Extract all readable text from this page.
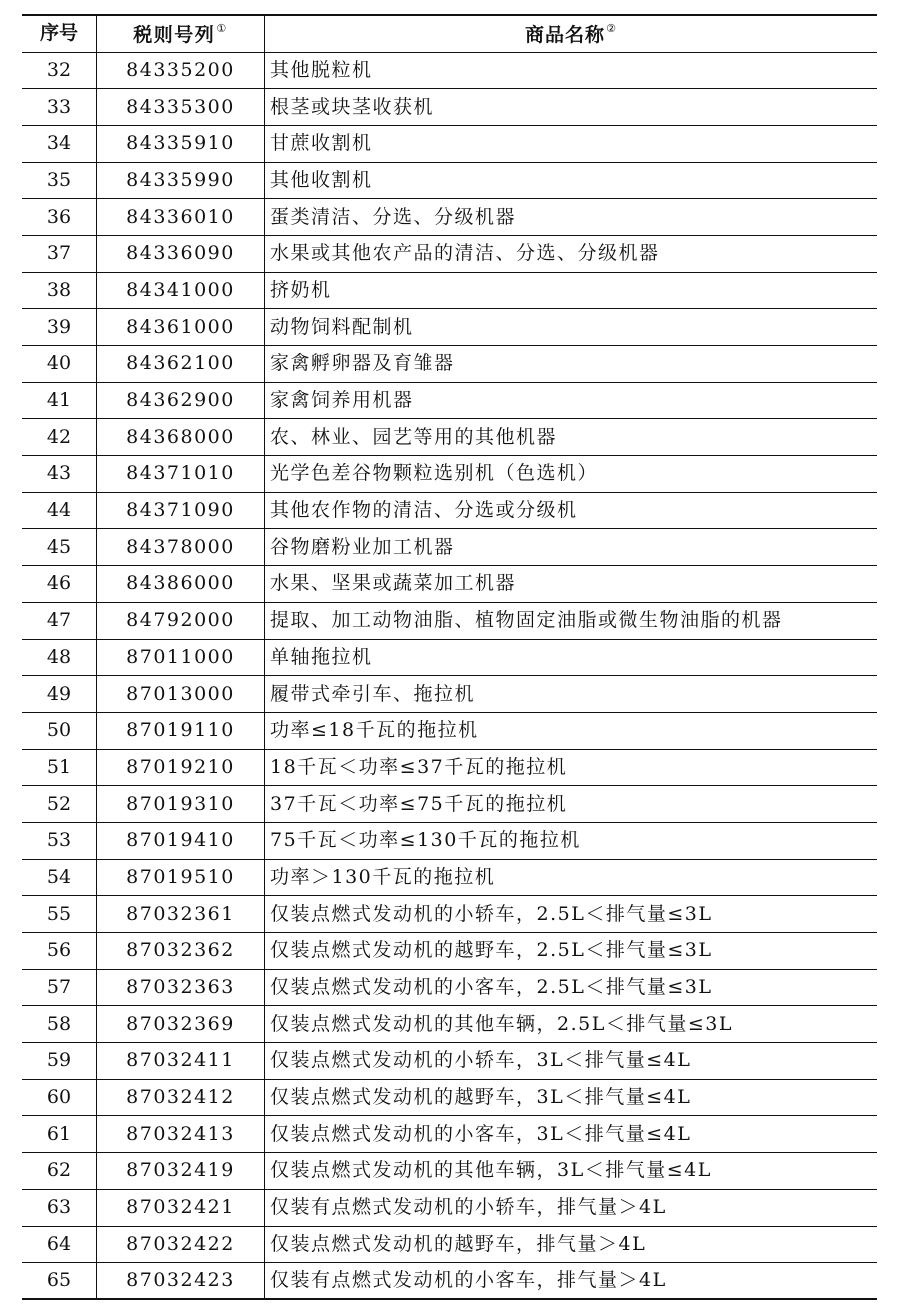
序号	税则号列①	商品名称②
32	84335200	其他脱粒机
33	84335300	根茎或块茎收获机
34	84335910	甘蔗收割机
35	84335990	其他收割机
36	84336010	蛋类清洁、分选、分级机器
37	84336090	水果或其他农产品的清洁、分选、分级机器
38	84341000	挤奶机
39	84361000	动物饲料配制机
40	84362100	家禽孵卵器及育雏器
41	84362900	家禽饲养用机器
42	84368000	农、林业、园艺等用的其他机器
43	84371010	光学色差谷物颗粒选别机（色选机）
44	84371090	其他农作物的清洁、分选或分级机
45	84378000	谷物磨粉业加工机器
46	84386000	水果、坚果或蔬菜加工机器
47	84792000	提取、加工动物油脂、植物固定油脂或微生物油脂的机器
48	87011000	单轴拖拉机
49	87013000	履带式牵引车、拖拉机
50	87019110	功率≤18千瓦的拖拉机
51	87019210	18千瓦＜功率≤37千瓦的拖拉机
52	87019310	37千瓦＜功率≤75千瓦的拖拉机
53	87019410	75千瓦＜功率≤130千瓦的拖拉机
54	87019510	功率＞130千瓦的拖拉机
55	87032361	仅装点燃式发动机的小轿车，2.5L＜排气量≤3L
56	87032362	仅装点燃式发动机的越野车，2.5L＜排气量≤3L
57	87032363	仅装点燃式发动机的小客车，2.5L＜排气量≤3L
58	87032369	仅装点燃式发动机的其他车辆，2.5L＜排气量≤3L
59	87032411	仅装点燃式发动机的小轿车，3L＜排气量≤4L
60	87032412	仅装点燃式发动机的越野车，3L＜排气量≤4L
61	87032413	仅装点燃式发动机的小客车，3L＜排气量≤4L
62	87032419	仅装点燃式发动机的其他车辆，3L＜排气量≤4L
63	87032421	仅装有点燃式发动机的小轿车，排气量＞4L
64	87032422	仅装点燃式发动机的越野车，排气量＞4L
65	87032423	仅装有点燃式发动机的小客车，排气量＞4L
